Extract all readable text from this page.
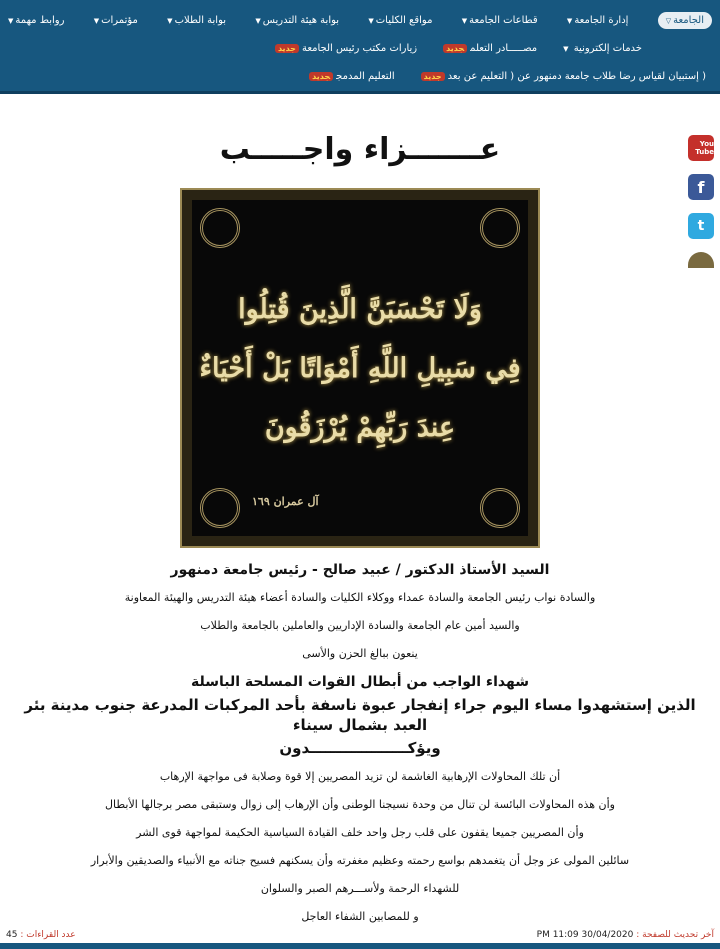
الجامعة▽
إدارة الجامعة▼
قطاعات الجامعة▼
مواقع الكليات▼
بوابة هيئة التدريس▼
بوابة الطلاب▼
مؤتمرات▼
روابط مهمة▼
خدمات إلكترونية ▼
مصـــــادر التعلمجديد
زيارات مكتب رئيس الجامعةجديد
( إستبيان لقياس رضا طلاب جامعة دمنهور عن ( التعليم عن بعدجديد
التعليم المدمججديد
You Tube
f
t
عـــــــزاء واجـــــب
وَلَا تَحْسَبَنَّ الَّذِينَ قُتِلُوا
فِي سَبِيلِ اللَّهِ أَمْوَاتًا بَلْ أَحْيَاءٌ
عِندَ رَبِّهِمْ يُرْزَقُونَ
آل عمران ١٦٩
السيد الأستاذ الدكتور / عبيد صالح - رئيس جامعة دمنهور
والسادة نواب رئيس الجامعة والسادة عمداء ووكلاء الكليات والسادة أعضاء هيئة التدريس والهيئة المعاونة
والسيد أمين عام الجامعة والسادة الإداريين والعاملين بالجامعة والطلاب
ينعون ببالغ الحزن والأسى
شهداء الواجب من أبطال القوات المسلحة الباسلة
الذين إستشهدوا مساء اليوم جراء إنفجار عبوة ناسفة بأحد المركبات المدرعة جنوب مدينة بئر العبد بشمال سيناء
ويؤكـــــــــــــــــــدون
أن تلك المحاولات الإرهابية الغاشمة لن تزيد المصريين إلا قوة وصلابة فى مواجهة الإرهاب
وأن هذه المحاولات البائسة لن تنال من وحدة نسيجنا الوطنى وأن الإرهاب إلى زوال وستبقى مصر برجالها الأبطال
وأن المصريين جميعا يقفون على قلب رجل واحد خلف القيادة السياسية الحكيمة لمواجهة قوى الشر
سائلين المولى عز وجل أن يتغمدهم بواسع رحمته وعظيم مغفرته وأن يسكنهم فسيح جناته مع الأنبياء والصديقين والأبرار
للشهداء الرحمة ولأســـرهم الصبر والسلوان
و للمصابين الشفاء العاجل
آخر تحديث للصفحة : PM 11:09 30/04/2020
عدد القراءات : 45
